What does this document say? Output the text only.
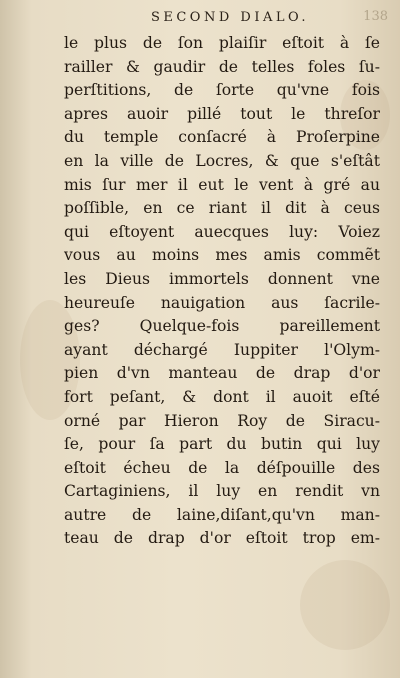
SECOND DIALO.	138
le plus de ſon plaiſir eſtoit à ſe
railler & gaudir de telles foles ſu-
perſtitions, de ſorte qu'vne fois
apres auoir pillé tout le threſor
du temple conſacré à Proſerpine
en la ville de Locres, & que s'eſtât
mis ſur mer il eut le vent à gré au
poſſible, en ce riant il dit à ceus
qui eſtoyent auecques luy: Voiez
vous au moins mes amis commẽt
les Dieus immortels donnent vne
heureuſe nauigation aus ſacrile-
ges? Quelque-fois pareillement
ayant déchargé Iuppiter l'Olym-
pien d'vn manteau de drap d'or
fort peſant, & dont il auoit eſté
orné par Hieron Roy de Siracu-
ſe, pour ſa part du butin qui luy
eſtoit écheu de la déſpouille des
Cartaginiens, il luy en rendit vn
autre de laine,diſant,qu'vn man-
teau de drap d'or eſtoit trop em-
